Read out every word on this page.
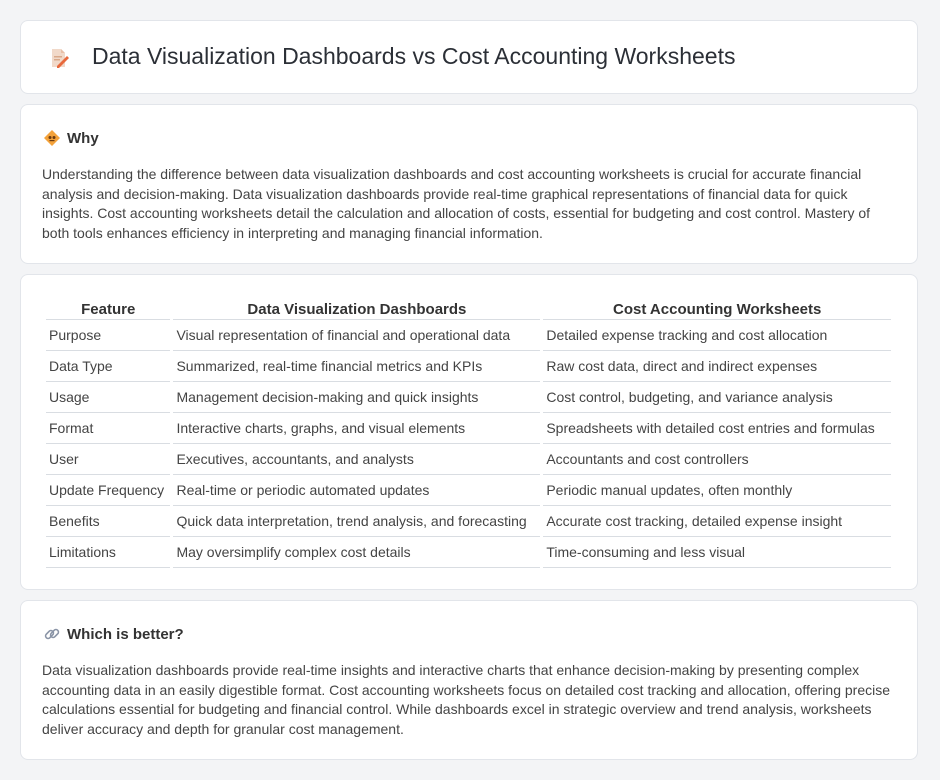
Data Visualization Dashboards vs Cost Accounting Worksheets
Why

Understanding the difference between data visualization dashboards and cost accounting worksheets is crucial for accurate financial analysis and decision-making. Data visualization dashboards provide real-time graphical representations of financial data for quick insights. Cost accounting worksheets detail the calculation and allocation of costs, essential for budgeting and cost control. Mastery of both tools enhances efficiency in interpreting and managing financial information.

Feature	Data Visualization Dashboards	Cost Accounting Worksheets
Purpose	Visual representation of financial and operational data	Detailed expense tracking and cost allocation
Data Type	Summarized, real-time financial metrics and KPIs	Raw cost data, direct and indirect expenses
Usage	Management decision-making and quick insights	Cost control, budgeting, and variance analysis
Format	Interactive charts, graphs, and visual elements	Spreadsheets with detailed cost entries and formulas
User	Executives, accountants, and analysts	Accountants and cost controllers
Update Frequency	Real-time or periodic automated updates	Periodic manual updates, often monthly
Benefits	Quick data interpretation, trend analysis, and forecasting	Accurate cost tracking, detailed expense insight
Limitations	May oversimplify complex cost details	Time-consuming and less visual
Which is better?

Data visualization dashboards provide real-time insights and interactive charts that enhance decision-making by presenting complex accounting data in an easily digestible format. Cost accounting worksheets focus on detailed cost tracking and allocation, offering precise calculations essential for budgeting and financial control. While dashboards excel in strategic overview and trend analysis, worksheets deliver accuracy and depth for granular cost management.
